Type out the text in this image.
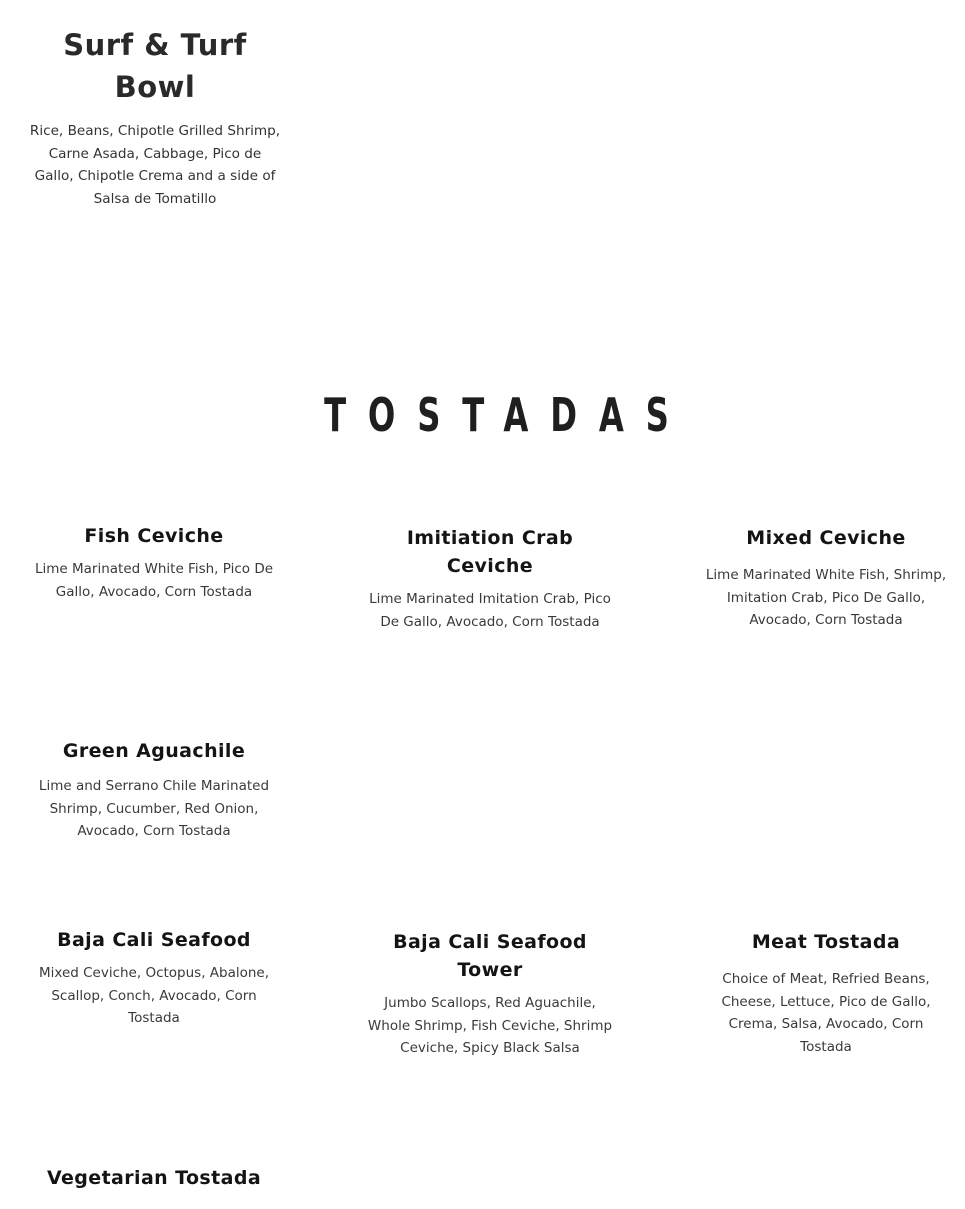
Surf & Turf Bowl

Rice, Beans, Chipotle Grilled Shrimp, Carne Asada, Cabbage, Pico de Gallo, Chipotle Crema and a side of
Salsa de Tomatillo

TOSTADAS
Fish Ceviche

Lime Marinated White Fish, Pico De Gallo, Avocado, Corn Tostada

Imitiation Crab Ceviche

Lime Marinated Imitation Crab, Pico De Gallo, Avocado, Corn Tostada

Mixed Ceviche

Lime Marinated White Fish, Shrimp, Imitation Crab, Pico De Gallo, Avocado, Corn Tostada

Green Aguachile

Lime and Serrano Chile Marinated Shrimp, Cucumber, Red Onion, Avocado, Corn Tostada

Baja Cali Seafood

Mixed Ceviche, Octopus, Abalone, Scallop, Conch, Avocado, Corn Tostada

Baja Cali Seafood Tower

Jumbo Scallops, Red Aguachile, Whole Shrimp, Fish Ceviche, Shrimp Ceviche, Spicy Black Salsa

Meat Tostada

Choice of Meat, Refried Beans, Cheese, Lettuce, Pico de Gallo, Crema, Salsa, Avocado, Corn Tostada

Vegetarian Tostada
